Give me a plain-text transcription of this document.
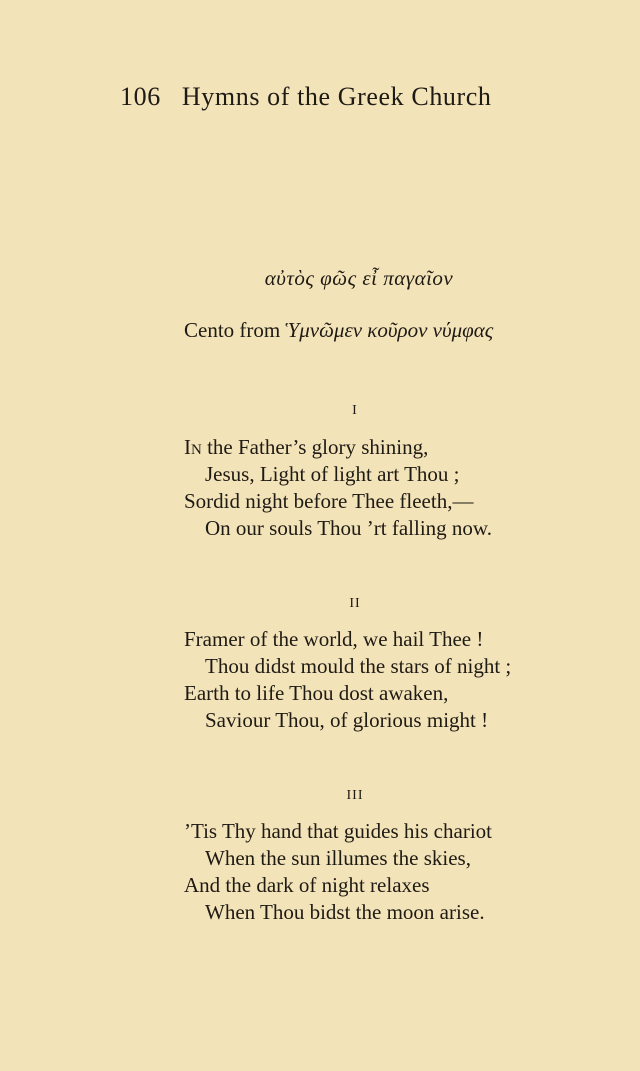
106 Hymns of the Greek Church
αὐτὸς φῶς εἶ παγαῖον
Cento from Ὑμνῶμεν κοῦρον νύμφας
I
In the Father’s glory shining,
Jesus, Light of light art Thou ;
Sordid night before Thee fleeth,—
On our souls Thou ’rt falling now.
II
Framer of the world, we hail Thee !
Thou didst mould the stars of night ;
Earth to life Thou dost awaken,
Saviour Thou, of glorious might !
III
’Tis Thy hand that guides his chariot
When the sun illumes the skies,
And the dark of night relaxes
When Thou bidst the moon arise.
